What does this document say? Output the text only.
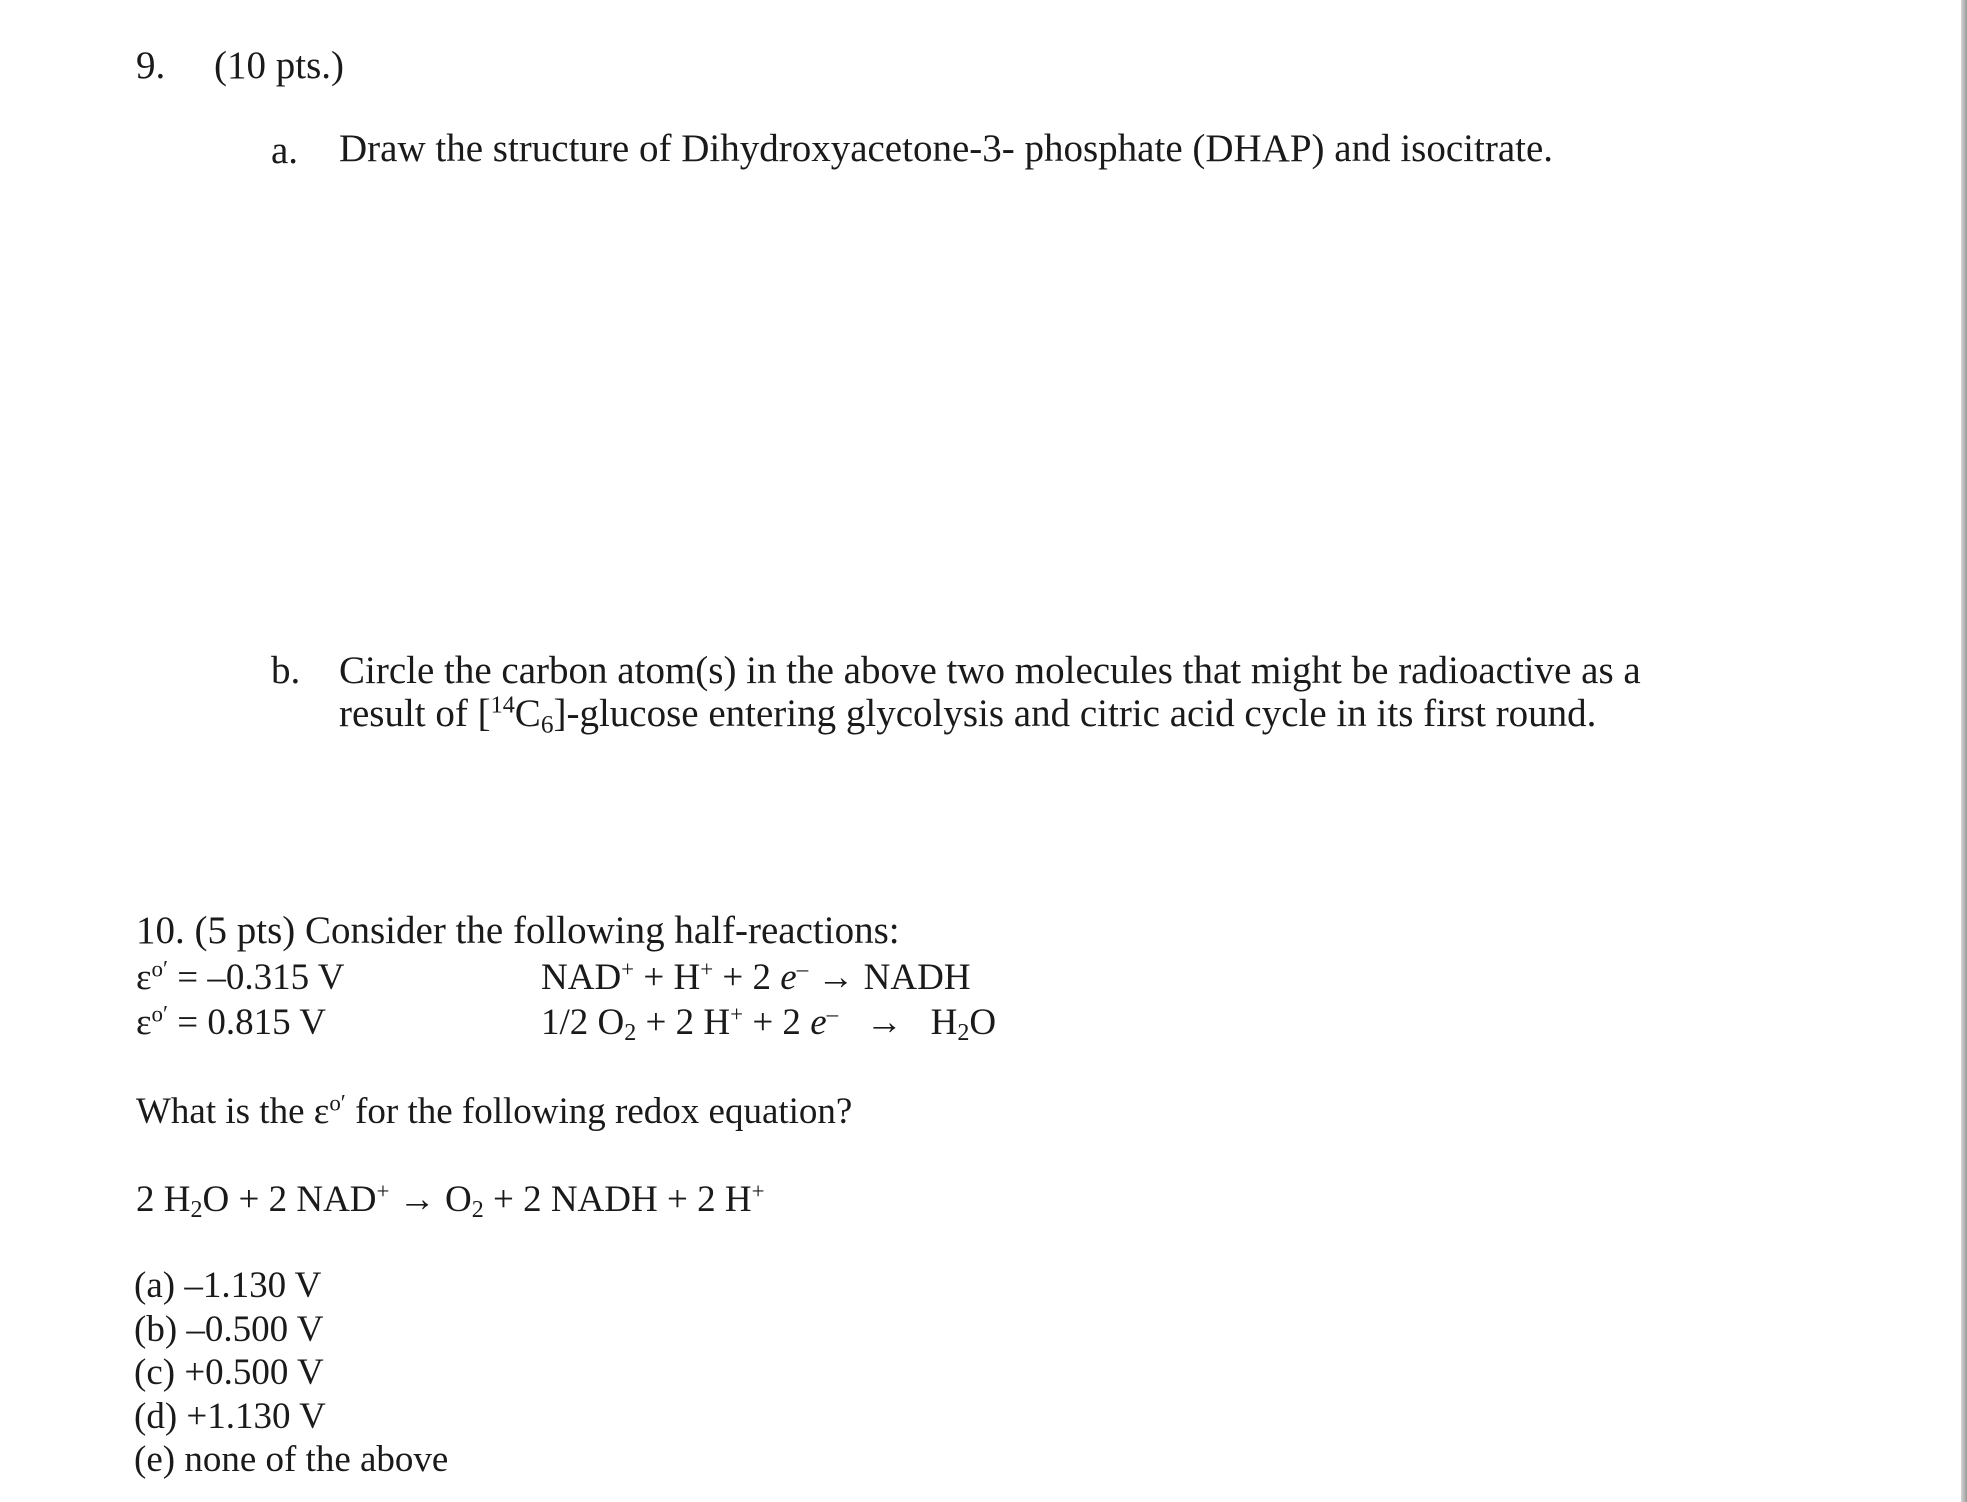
9. (10 pts.)
a. Draw the structure of Dihydroxyacetone-3- phosphate (DHAP) and isocitrate.
b. Circle the carbon atom(s) in the above two molecules that might be radioactive as a
result of $[^{14}C_6]$-glucose entering glycolysis and citric acid cycle in its first round.
10. (5 pts) Consider the following half-reactions:
$\varepsilon^{o'} = -0.315$ V	NAD+ + H+ + 2 e– → NADH
$\varepsilon^{o'} = 0.815$ V	1/2 $O_2 + 2$ H+ + 2 $e^- \to H_2O$
What is the $\varepsilon^{o'}$ for the following redox equation?
2 $H_2O + 2$ $NAD^+ \to O_2 + 2$ NADH + 2 H+
(a) –1.130 V
(b) –0.500 V
(c) +0.500 V
(d) +1.130 V
(e) none of the above
